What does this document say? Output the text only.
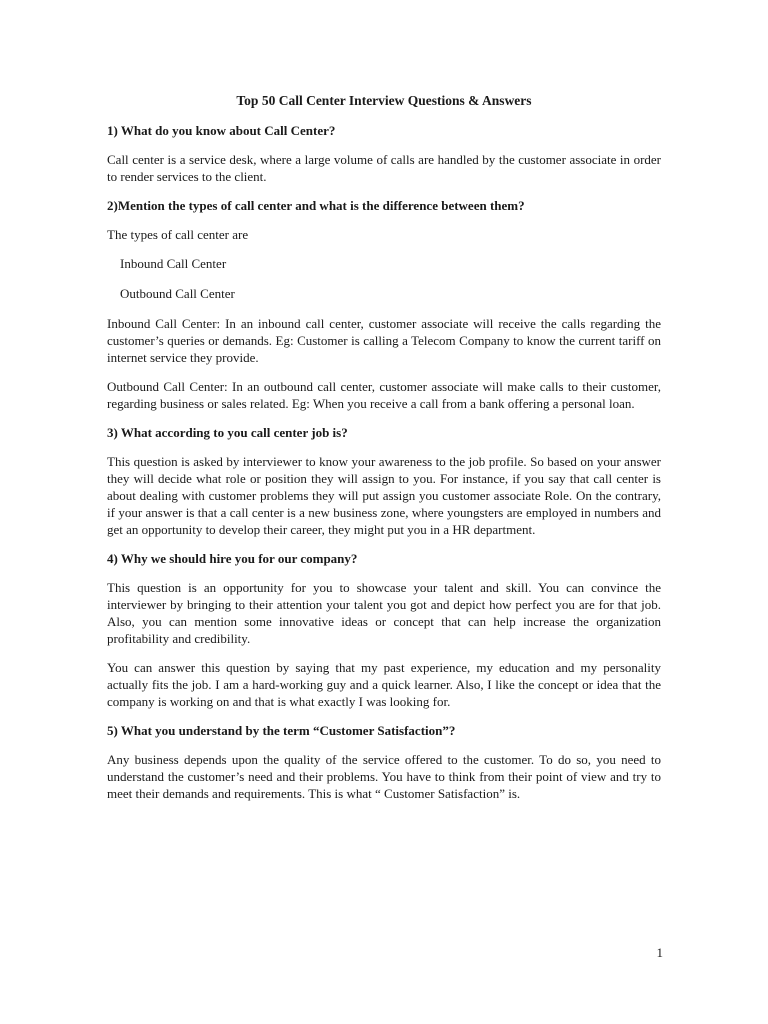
Top 50 Call Center Interview Questions & Answers
1) What do you know about Call Center?
Call center is a service desk, where a large volume of calls are handled by the customer associate in order to render services to the client.
2)Mention the types of call center and what is the difference between them?
The types of call center are
Inbound Call Center
Outbound Call Center
Inbound Call Center: In an inbound call center, customer associate will receive the calls regarding the customer’s queries or demands. Eg: Customer is calling a Telecom Company to know the current tariff on internet service they provide.
Outbound Call Center: In an outbound call center, customer associate will make calls to their customer, regarding business or sales related. Eg: When you receive a call from a bank offering a personal loan.
3) What according to you call center job is?
This question is asked by interviewer to know your awareness to the job profile. So based on your answer they will decide what role or position they will assign to you. For instance, if you say that call center is about dealing with customer problems they will put assign you customer associate Role. On the contrary, if your answer is that a call center is a new business zone, where youngsters are employed in numbers and get an opportunity to develop their career, they might put you in a HR department.
4) Why we should hire you for our company?
This question is an opportunity for you to showcase your talent and skill. You can convince the interviewer by bringing to their attention your talent you got and depict how perfect you are for that job. Also, you can mention some innovative ideas or concept that can help increase the organization profitability and credibility.
You can answer this question by saying that my past experience, my education and my personality actually fits the job. I am a hard-working guy and a quick learner. Also, I like the concept or idea that the company is working on and that is what exactly I was looking for.
5) What you understand by the term “Customer Satisfaction”?
Any business depends upon the quality of the service offered to the customer. To do so, you need to understand the customer’s need and their problems. You have to think from their point of view and try to meet their demands and requirements. This is what “ Customer Satisfaction” is.
1
